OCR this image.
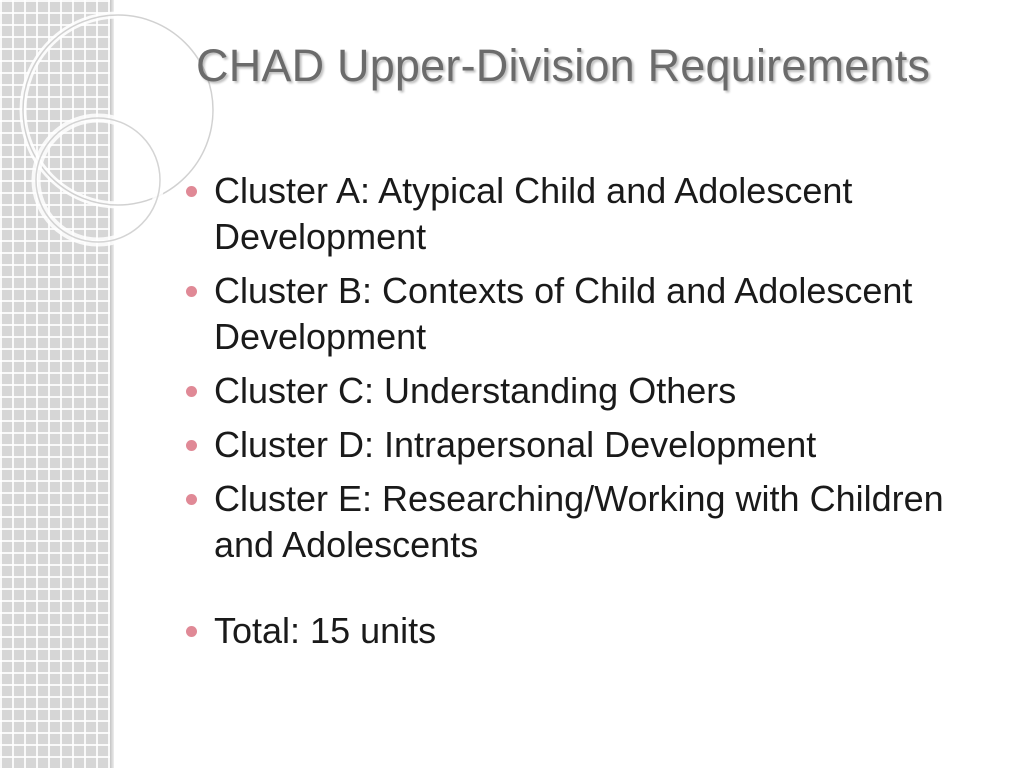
CHAD Upper-Division Requirements
Cluster A: Atypical Child and Adolescent Development
Cluster B: Contexts of Child and Adolescent Development
Cluster C: Understanding Others
Cluster D: Intrapersonal Development
Cluster E: Researching/Working with Children and Adolescents
Total: 15 units
